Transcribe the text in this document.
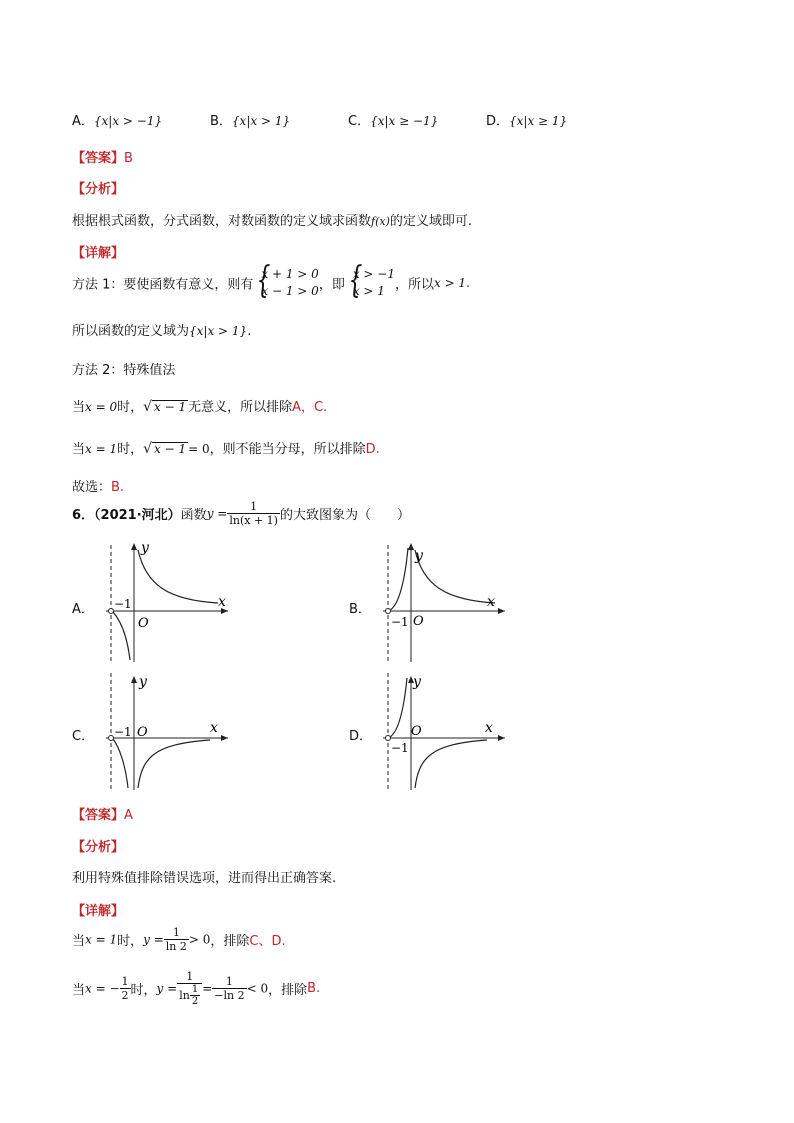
A．{x|x > −1}	B．{x|x > 1}	C．{x|x ≥ −1}	D．{x|x ≥ 1}
【答案】B
【分析】
根据根式函数，分式函数，对数函数的定义域求函数f(x)的定义域即可.
【详解】
方法 1：要使函数有意义，则有
{ x + 1 > 0
x − 1 > 0 ，即
{ x > −1
x > 1 ，所以x > 1.
所以函数的定义域为{x|x > 1}.
方法 2：特殊值法
当x = 0时，√ x − 1 无意义，所以排除A，C.
当x = 1时，√ x − 1 = 0，则不能当分母，所以排除D.
故选：B.
6．（2021·河北）函数$y = \frac{1}{\ln(x + 1)}$ 的大致图象为（　　）
A．	B．
C．	D．
x
y
−1
O
x
y
−1 O
x
y
−1 O	x
y
−1
O
【答案】A
【分析】
利用特殊值排除错误选项，进而得出正确答案.
【详解】
当x = 1时，$y = \frac{1}{\ln 2} > 0$，排除C、D.
当x = − $\frac{1}{2}$ 时，$y = \frac{1}{\ln \frac{1}{2}} = \frac{1}{-\ln 2} < 0$，排除B.
